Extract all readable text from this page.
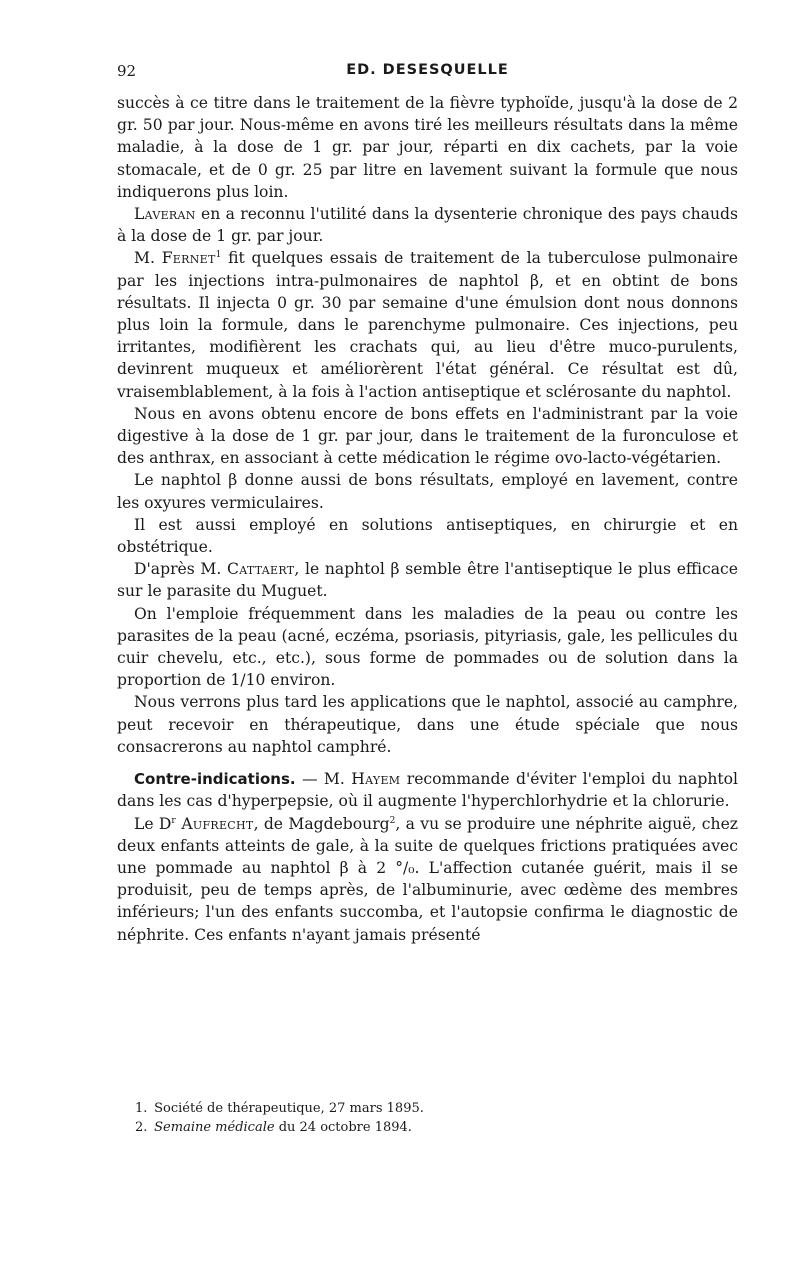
92	ED. DESESQUELLE

succès à ce titre dans le traitement de la fièvre typhoïde, jusqu'à la dose de 2 gr. 50 par jour. Nous-même en avons tiré les meilleurs résultats dans la même maladie, à la dose de 1 gr. par jour, réparti en dix cachets, par la voie stomacale, et de 0 gr. 25 par litre en lavement suivant la formule que nous indiquerons plus loin.

Laveran en a reconnu l'utilité dans la dysenterie chronique des pays chauds à la dose de 1 gr. par jour.

M. Fernet$^1$ fit quelques essais de traitement de la tuberculose pulmonaire par les injections intra-pulmonaires de naphtol β, et en obtint de bons résultats. Il injecta 0 gr. 30 par semaine d'une émulsion dont nous donnons plus loin la formule, dans le parenchyme pulmonaire. Ces injections, peu irritantes, modifièrent les crachats qui, au lieu d'être muco-purulents, devinrent muqueux et améliorèrent l'état général. Ce résultat est dû, vraisemblablement, à la fois à l'action antiseptique et sclérosante du naphtol.

Nous en avons obtenu encore de bons effets en l'administrant par la voie digestive à la dose de 1 gr. par jour, dans le traitement de la furonculose et des anthrax, en associant à cette médication le régime ovo-lacto-végétarien.

Le naphtol β donne aussi de bons résultats, employé en lavement, contre les oxyures vermiculaires.

Il est aussi employé en solutions antiseptiques, en chirurgie et en obstétrique.

D'après M. Cattaert, le naphtol β semble être l'antiseptique le plus efficace sur le parasite du Muguet.

On l'emploie fréquemment dans les maladies de la peau ou contre les parasites de la peau (acné, eczéma, psoriasis, pityriasis, gale, les pellicules du cuir chevelu, etc., etc.), sous forme de pommades ou de solution dans la proportion de 1/10 environ.

Nous verrons plus tard les applications que le naphtol, associé au camphre, peut recevoir en thérapeutique, dans une étude spéciale que nous consacrerons au naphtol camphré.

Contre-indications. — M. Hayem recommande d'éviter l'emploi du naphtol dans les cas d'hyperpepsie, où il augmente l'hyperchlorhydrie et la chlorurie.

Le $D^r$ Aufrecht, de Magdebourg$^2$, a vu se produire une néphrite aiguë, chez deux enfants atteints de gale, à la suite de quelques frictions pratiquées avec une pommade au naphtol β à 2 °/₀. L'affection cutanée guérit, mais il se produisit, peu de temps après, de l'albuminurie, avec œdème des membres inférieurs; l'un des enfants succomba, et l'autopsie confirma le diagnostic de néphrite. Ces enfants n'ayant jamais présenté

1. Société de thérapeutique, 27 mars 1895.
2. Semaine médicale du 24 octobre 1894.
